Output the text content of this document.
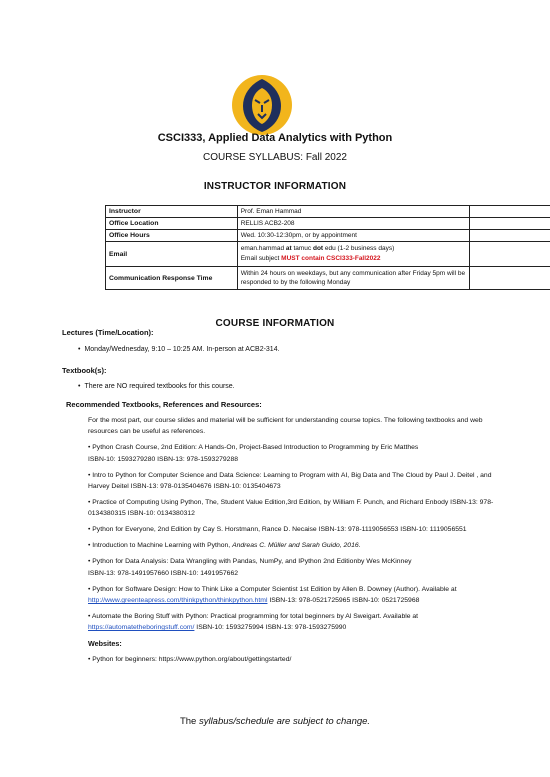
CSCI333, Applied Data Analytics with Python
COURSE SYLLABUS: Fall 2022
INSTRUCTOR INFORMATION
Instructor	Prof. Eman Hammad	
Office Location	RELLIS ACB2-208	
Office Hours	Wed. 10:30-12:30pm, or by appointment	
Email	eman.hammad at tamuc dot edu (1-2 business days)
Email subject MUST contain CSCI333-Fall2022	

Communication Response Time	Within 24 hours on weekdays, but any communication after Friday 5pm will be responded to by the following Monday	
COURSE INFORMATION
Lectures (Time/Location):
• Monday/Wednesday, 9:10 – 10:25 AM. In-person at ACB2-314.
Textbook(s):
• There are NO required textbooks for this course.
Recommended Textbooks, References and Resources:

For the most part, our course slides and material will be sufficient for understanding course topics. The following textbooks and web resources can be useful as references.

• Python Crash Course, 2nd Edition: A Hands-On, Project-Based Introduction to Programming by Eric Matthes

ISBN-10: 1593279280 ISBN-13: 978-1593279288

• Intro to Python for Computer Science and Data Science: Learning to Program with AI, Big Data and The Cloud by Paul J. Deitel , and Harvey Deitel ISBN-13: 978-0135404676 ISBN-10: 0135404673

• Practice of Computing Using Python, The, Student Value Edition,3rd Edition, by William F. Punch, and Richard Enbody ISBN-13: 978-0134380315 ISBN-10: 0134380312

• Python for Everyone, 2nd Edition by Cay S. Horstmann, Rance D. Necaise ISBN-13: 978-1119056553 ISBN-10: 1119056551

• Introduction to Machine Learning with Python, Andreas C. Müller and Sarah Guido, 2016.

• Python for Data Analysis: Data Wrangling with Pandas, NumPy, and IPython 2nd Editionby Wes McKinney

ISBN-13: 978-1491957660 ISBN-10: 1491957662

• Python for Software Design: How to Think Like a Computer Scientist 1st Edition by Allen B. Downey (Author). Available at http://www.greenteapress.com/thinkpython/thinkpython.html ISBN-13: 978-0521725965 ISBN-10: 0521725968

• Automate the Boring Stuff with Python: Practical programming for total beginners by Al Sweigart. Available at https://automatetheboringstuff.com/ ISBN-10: 1593275994 ISBN-13: 978-1593275990

Websites:

• Python for beginners: https://www.python.org/about/gettingstarted/

The syllabus/schedule are subject to change.
